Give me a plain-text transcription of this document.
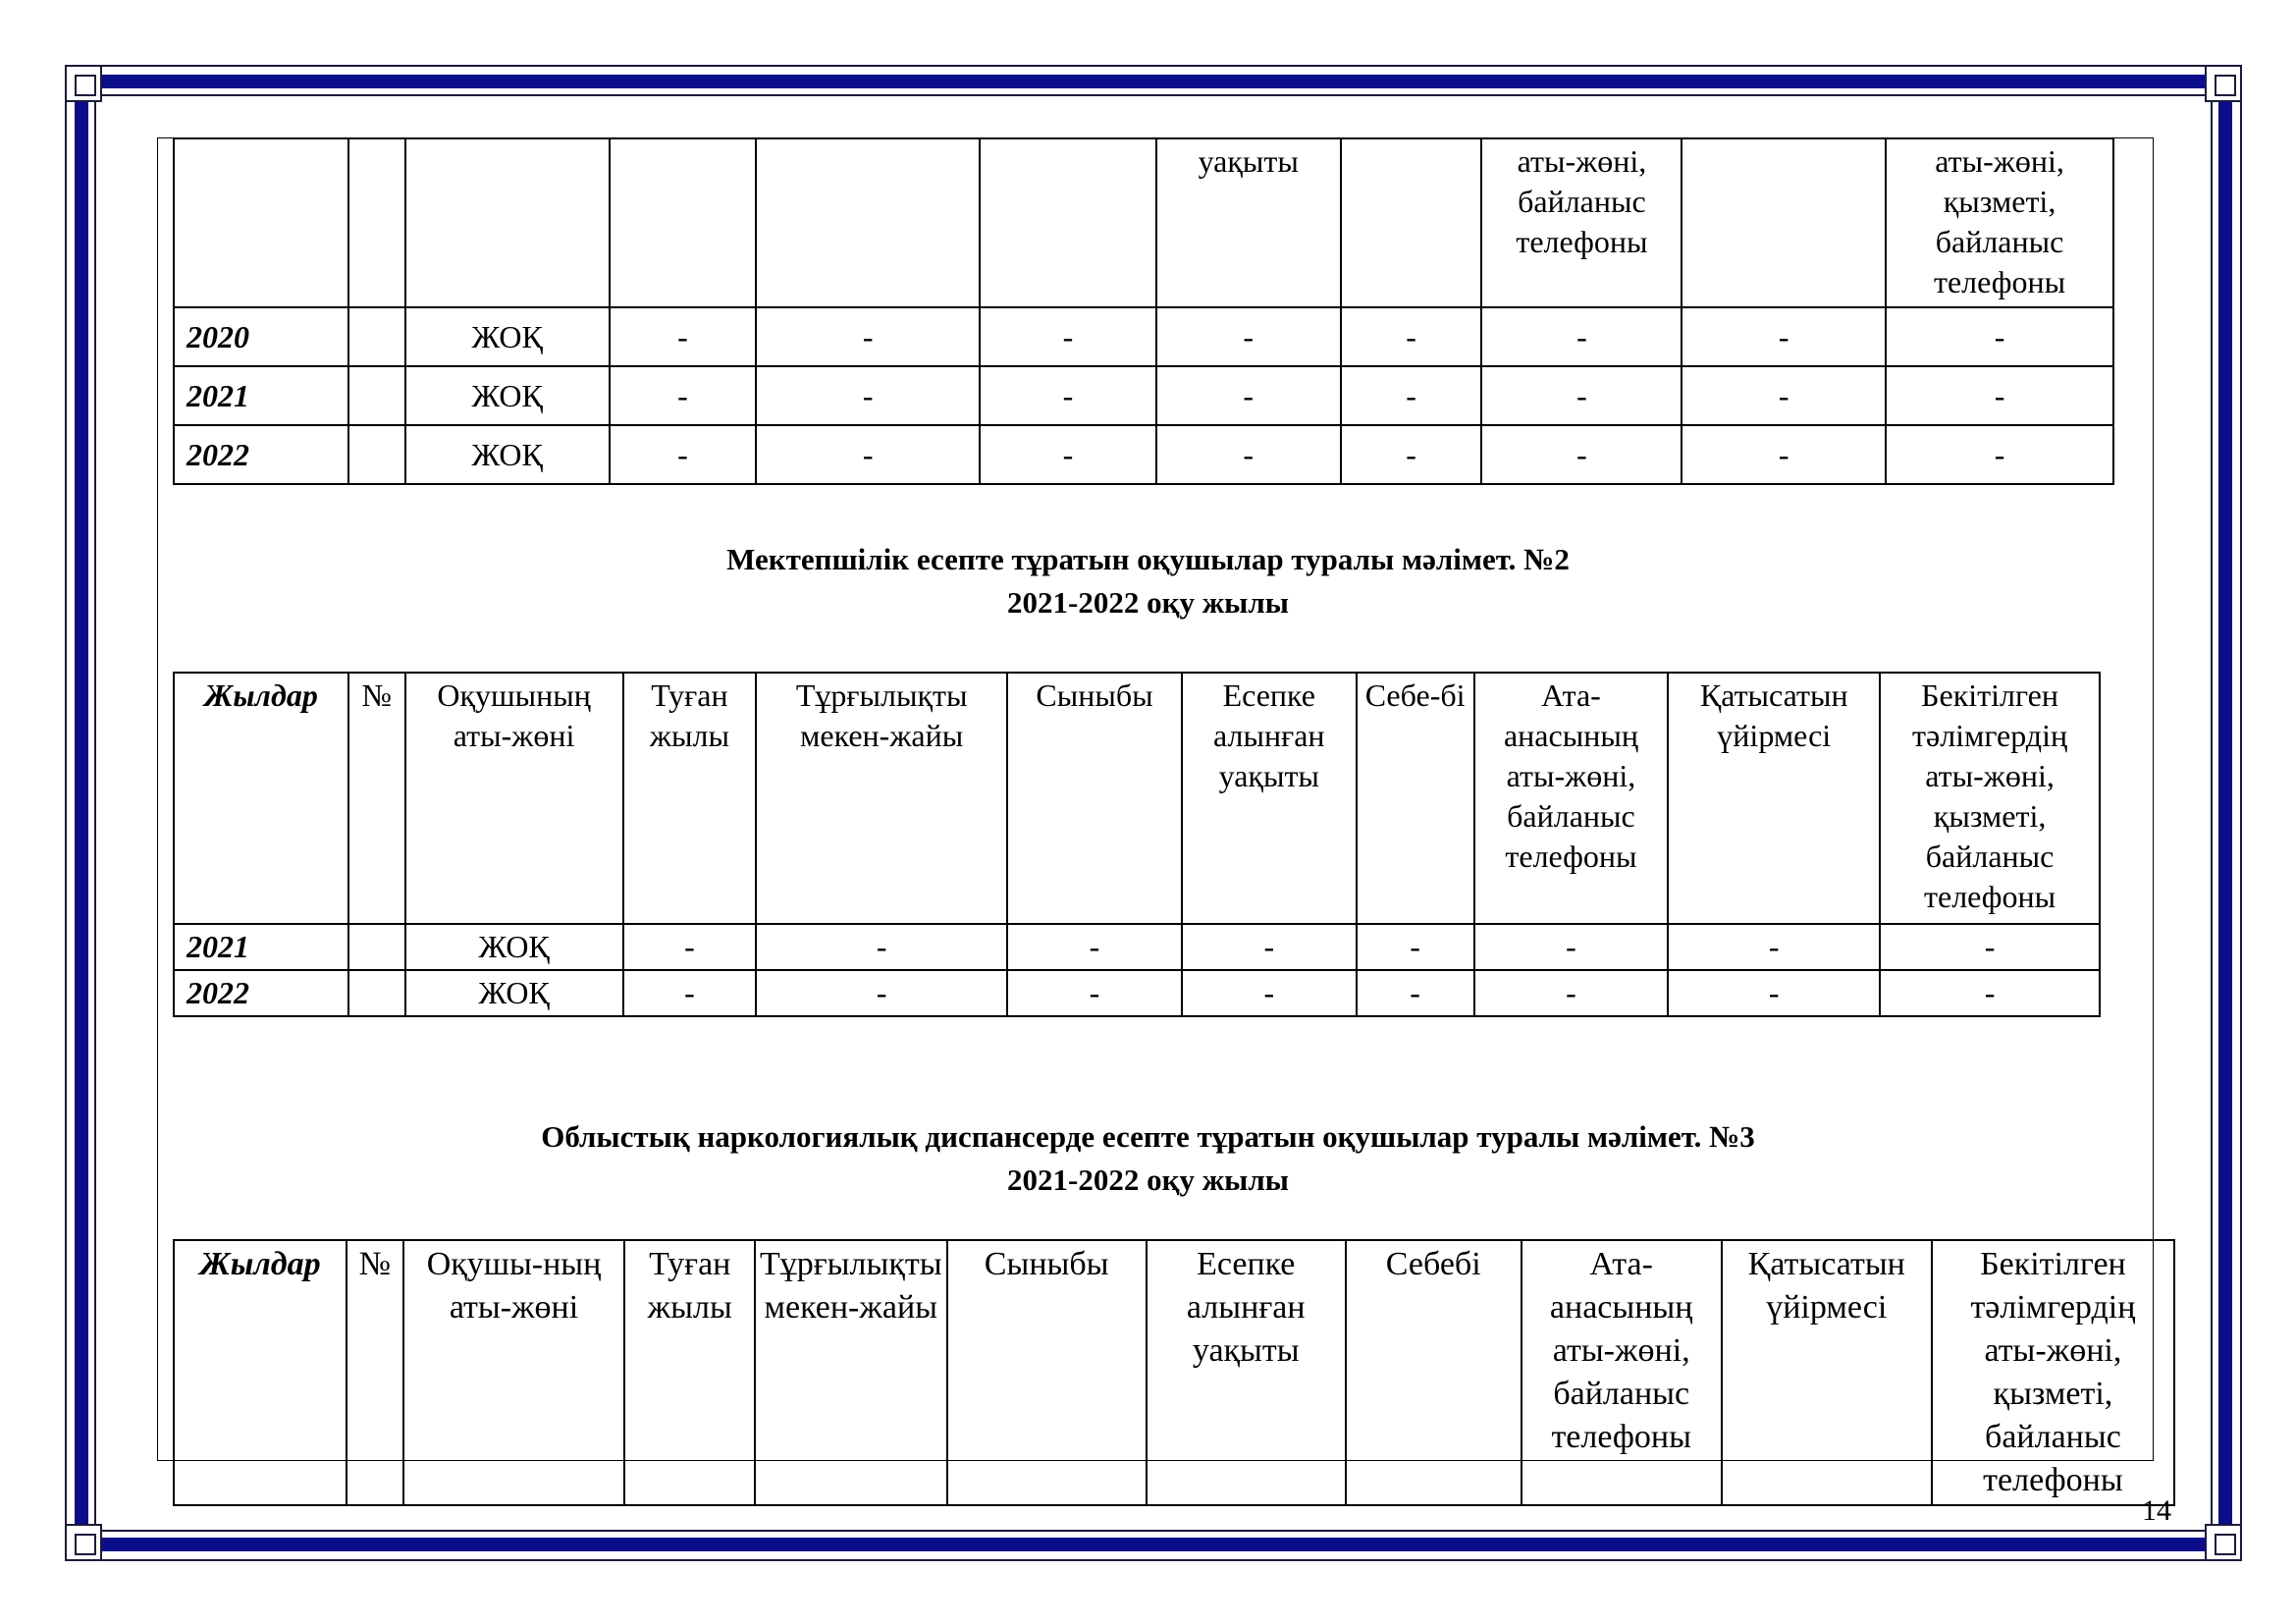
						уақыты		аты-жөні, байланыс телефоны		аты-жөні, қызметі, байланыс телефоны
2020		ЖОҚ	-	-	-	-	-	-	-	-
2021		ЖОҚ	-	-	-	-	-	-	-	-
2022		ЖОҚ	-	-	-	-	-	-	-	-
Мектепшілік есепте тұратын оқушылар туралы мәлімет. №2
2021-2022 оқу жылы
Жылдар	№	Оқушының аты-жөні	Туған жылы	Тұрғылықты мекен-жайы	Сыныбы	Есепке алынған уақыты	Себе-бі	Ата-анасының аты-жөні, байланыс телефоны	Қатысатын үйірмесі	Бекітілген тәлімгердің аты-жөні, қызметі, байланыс телефоны
2021		ЖОҚ	-	-	-	-	-	-	-	-
2022		ЖОҚ	-	-	-	-	-	-	-	-
Облыстық наркологиялық диспансерде есепте тұратын оқушылар туралы мәлімет. №3
2021-2022 оқу жылы
Жылдар	№	Оқушы-ның аты-жөні	Туған жылы	Тұрғылықты мекен-жайы	Сыныбы	Есепке алынған уақыты	Себебі	Ата-анасының аты-жөні, байланыс телефоны	Қатысатын үйірмесі	Бекітілген тәлімгердің аты-жөні, қызметі, байланыс телефоны
14
